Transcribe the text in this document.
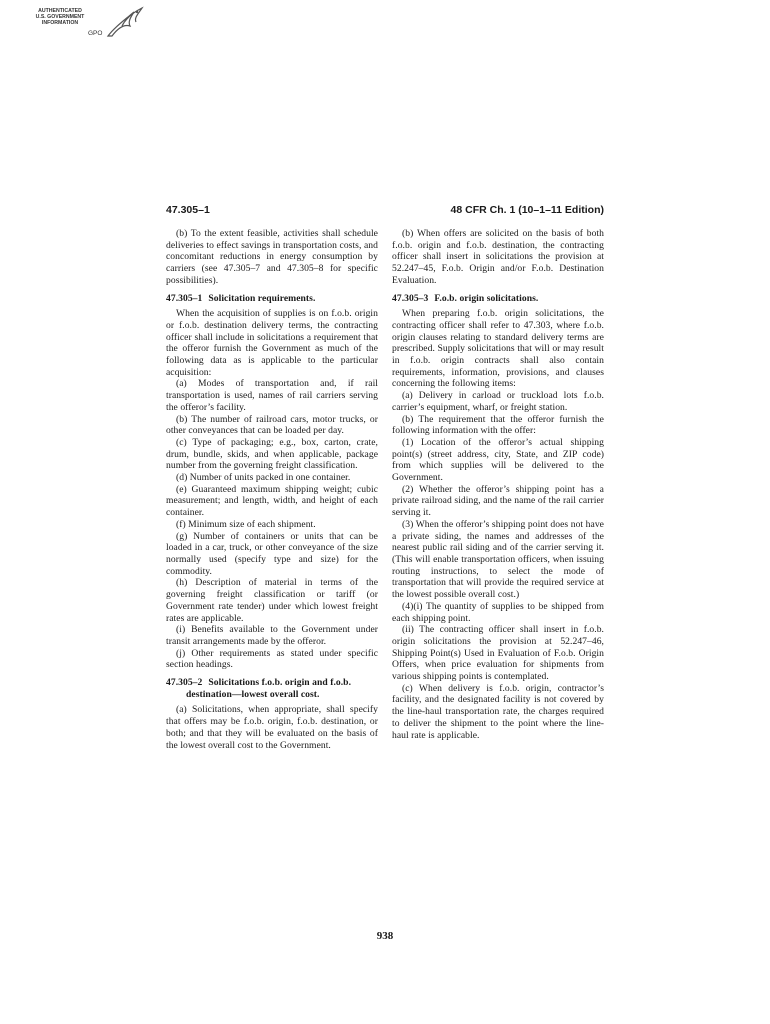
AUTHENTICATED
U.S. GOVERNMENT
INFORMATION
GPO
47.305–1	48 CFR Ch. 1 (10–1–11 Edition)

(b) To the extent feasible, activities shall schedule deliveries to effect savings in transportation costs, and concomitant reductions in energy consumption by carriers (see 47.305–7 and 47.305–8 for specific possibilities).

47.305–1 Solicitation requirements.

When the acquisition of supplies is on f.o.b. origin or f.o.b. destination delivery terms, the contracting officer shall include in solicitations a requirement that the offeror furnish the Government as much of the following data as is applicable to the particular acquisition:

(a) Modes of transportation and, if rail transportation is used, names of rail carriers serving the offeror’s facility.

(b) The number of railroad cars, motor trucks, or other conveyances that can be loaded per day.

(c) Type of packaging; e.g., box, carton, crate, drum, bundle, skids, and when applicable, package number from the governing freight classification.

(d) Number of units packed in one container.

(e) Guaranteed maximum shipping weight; cubic measurement; and length, width, and height of each container.

(f) Minimum size of each shipment.

(g) Number of containers or units that can be loaded in a car, truck, or other conveyance of the size normally used (specify type and size) for the commodity.

(h) Description of material in terms of the governing freight classification or tariff (or Government rate tender) under which lowest freight rates are applicable.

(i) Benefits available to the Government under transit arrangements made by the offeror.

(j) Other requirements as stated under specific section headings.

47.305–2 Solicitations f.o.b. origin and f.o.b. destination—lowest overall cost.

(a) Solicitations, when appropriate, shall specify that offers may be f.o.b. origin, f.o.b. destination, or both; and that they will be evaluated on the basis of the lowest overall cost to the Government.

(b) When offers are solicited on the basis of both f.o.b. origin and f.o.b. destination, the contracting officer shall insert in solicitations the provision at 52.247–45, F.o.b. Origin and/or F.o.b. Destination Evaluation.

47.305–3 F.o.b. origin solicitations.

When preparing f.o.b. origin solicitations, the contracting officer shall refer to 47.303, where f.o.b. origin clauses relating to standard delivery terms are prescribed. Supply solicitations that will or may result in f.o.b. origin contracts shall also contain requirements, information, provisions, and clauses concerning the following items:

(a) Delivery in carload or truckload lots f.o.b. carrier’s equipment, wharf, or freight station.

(b) The requirement that the offeror furnish the following information with the offer:

(1) Location of the offeror’s actual shipping point(s) (street address, city, State, and ZIP code) from which supplies will be delivered to the Government.

(2) Whether the offeror’s shipping point has a private railroad siding, and the name of the rail carrier serving it.

(3) When the offeror’s shipping point does not have a private siding, the names and addresses of the nearest public rail siding and of the carrier serving it. (This will enable transportation officers, when issuing routing instructions, to select the mode of transportation that will provide the required service at the lowest possible overall cost.)

(4)(i) The quantity of supplies to be shipped from each shipping point.

(ii) The contracting officer shall insert in f.o.b. origin solicitations the provision at 52.247–46, Shipping Point(s) Used in Evaluation of F.o.b. Origin Offers, when price evaluation for shipments from various shipping points is contemplated.

(c) When delivery is f.o.b. origin, contractor’s facility, and the designated facility is not covered by the line-haul transportation rate, the charges required to deliver the shipment to the point where the line-haul rate is applicable.

938
